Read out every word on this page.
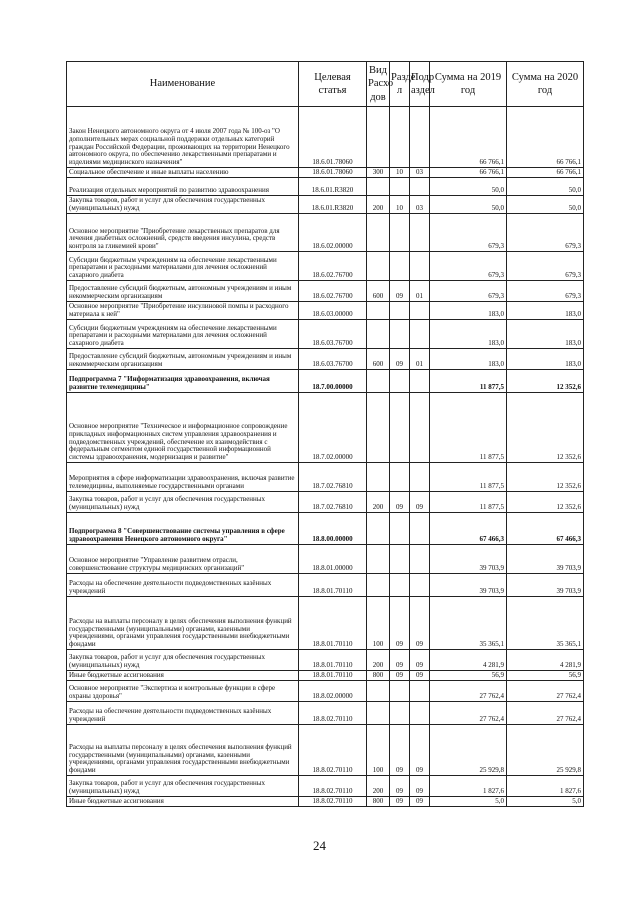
Наименование	Целевая статья	Вид Расхо дов	Разде л	Подр аздел	Сумма на 2019 год	Сумма на 2020 год
Закон Ненецкого автономного округа от 4 июля 2007 года № 100-оз "О дополнительных мерах социальной поддержки отдельных категорий граждан Российской Федерации, проживающих на территории Ненецкого автономного округа, по обеспечению лекарственными препаратами и изделиями медицинского назначения"	18.6.01.78060				66 766,1	66 766,1
Социальное обеспечение и иные выплаты населению	18.6.01.78060	300	10	03	66 766,1	66 766,1
Реализация отдельных мероприятий по развитию здравоохранения	18.6.01.R3820				50,0	50,0
Закупка товаров, работ и услуг для обеспечения государственных (муниципальных) нужд	18.6.01.R3820	200	10	03	50,0	50,0
Основное мероприятие "Приобретение лекарственных препаратов для лечения диабетных осложнений, средств введения инсулина, средств контроля за гликемией крови"	18.6.02.00000				679,3	679,3
Субсидии бюджетным учреждениям на обеспечение лекарственными препаратами и расходными материалами для лечения осложнений сахарного диабета	18.6.02.76700				679,3	679,3
Предоставление субсидий бюджетным, автономным учреждениям и иным некоммерческим организациям	18.6.02.76700	600	09	01	679,3	679,3
Основное мероприятие "Приобретение инсулиновой помпы и расходного материала к ней"	18.6.03.00000				183,0	183,0
Субсидии бюджетным учреждениям на обеспечение лекарственными препаратами и расходными материалами для лечения осложнений сахарного диабета	18.6.03.76700				183,0	183,0
Предоставление субсидий бюджетным, автономным учреждениям и иным некоммерческим организациям	18.6.03.76700	600	09	01	183,0	183,0
Подпрограмма 7 "Информатизация здравоохранения, включая развитие телемедицины"	18.7.00.00000				11 877,5	12 352,6
Основное мероприятие "Техническое и информационное сопровождение прикладных информационных систем управления здравоохранения и подведомственных учреждений, обеспечение их взаимодействия с федеральным сегментом единой государственной информационной системы здравоохранения, модернизация и развитие"	18.7.02.00000				11 877,5	12 352,6
Мероприятия в сфере информатизации здравоохранения, включая развитие телемедицины, выполняемые государственными органами	18.7.02.76810				11 877,5	12 352,6
Закупка товаров, работ и услуг для обеспечения государственных (муниципальных) нужд	18.7.02.76810	200	09	09	11 877,5	12 352,6
Подпрограмма 8 "Совершенствование системы управления в сфере здравоохранения Ненецкого автономного округа"	18.8.00.00000				67 466,3	67 466,3
Основное мероприятие "Управление развитием отрасли, совершенствование структуры медицинских организаций"	18.8.01.00000				39 703,9	39 703,9
Расходы на обеспечение деятельности подведомственных казённых учреждений	18.8.01.70110				39 703,9	39 703,9
Расходы на выплаты персоналу в целях обеспечения выполнения функций государственными (муниципальными) органами, казенными учреждениями, органами управления государственными внебюджетными фондами	18.8.01.70110	100	09	09	35 365,1	35 365,1
Закупка товаров, работ и услуг для обеспечения государственных (муниципальных) нужд	18.8.01.70110	200	09	09	4 281,9	4 281,9
Иные бюджетные ассигнования	18.8.01.70110	800	09	09	56,9	56,9
Основное мероприятие "Экспертиза и контрольные функции в сфере охраны здоровья"	18.8.02.00000				27 762,4	27 762,4
Расходы на обеспечение деятельности подведомственных казённых учреждений	18.8.02.70110				27 762,4	27 762,4
Расходы на выплаты персоналу в целях обеспечения выполнения функций государственными (муниципальными) органами, казенными учреждениями, органами управления государственными внебюджетными фондами	18.8.02.70110	100	09	09	25 929,8	25 929,8
Закупка товаров, работ и услуг для обеспечения государственных (муниципальных) нужд	18.8.02.70110	200	09	09	1 827,6	1 827,6
Иные бюджетные ассигнования	18.8.02.70110	800	09	09	5,0	5,0
24
